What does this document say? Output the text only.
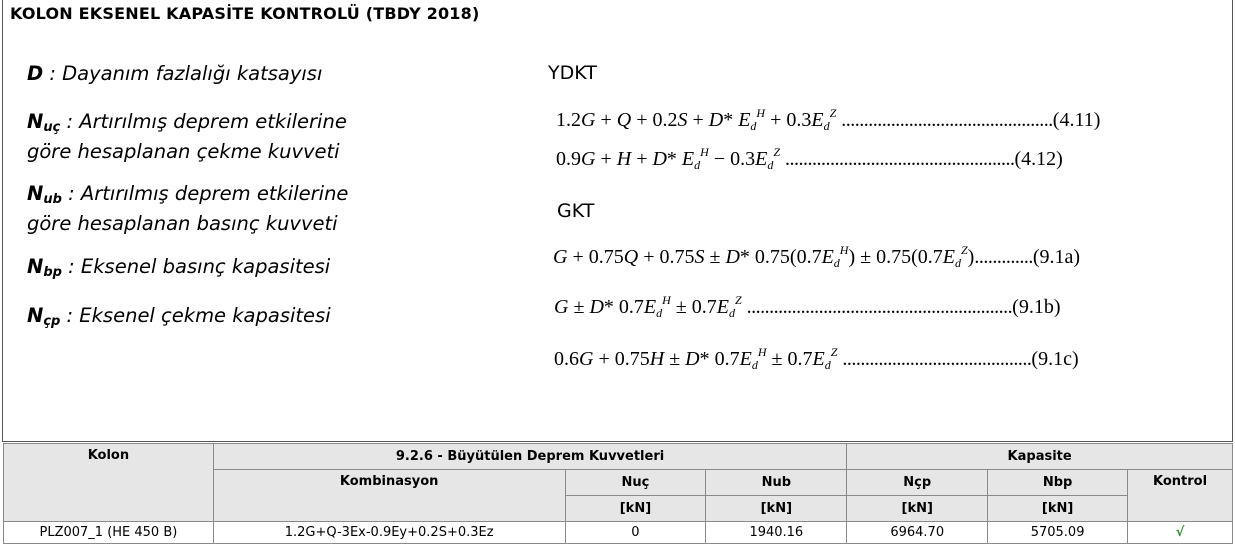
KOLON EKSENEL KAPASİTE KONTROLÜ (TBDY 2018)
D : Dayanım fazlalığı katsayısı
$N_{uç}$ : Artırılmış deprem etkilerine
göre hesaplanan çekme kuvveti
$N_{ub}$ : Artırılmış deprem etkilerine
göre hesaplanan basınç kuvveti
$N_{bp}$ : Eksenel basınç kapasitesi
$N_{çp}$ : Eksenel çekme kapasitesi
YDKT
GKT
1.2G + Q + 0.2S + D* $E_d^H + 0.3E_d^Z$ ...............................................(4.11)
0.9G + H + D* $E_d^H - 0.3E_d^Z$ ...................................................(4.12)
G + 0.75Q + 0.75S ± D* $0.75(0.7E_d^H) \pm 0.75(0.7E_d^Z).............(9.1a)$
G ± D* $0.7E_d^H \pm 0.7E_d^Z$ ...........................................................(9.1b)
0.6G + 0.75H ± D* $0.7E_d^H \pm 0.7E_d^Z$ ..........................................(9.1c)
Kolon	9.2.6 - Büyütülen Deprem Kuvvetleri			Kapasite		
	Kombinasyon	Nuç	Nub	Nçp	Nbp	Kontrol
		[kN]	[kN]	[kN]	[kN]	
PLZ007_1 (HE 450 B)	1.2G+Q-3Ex-0.9Ey+0.2S+0.3Ez	0	1940.16	6964.70	5705.09	√
